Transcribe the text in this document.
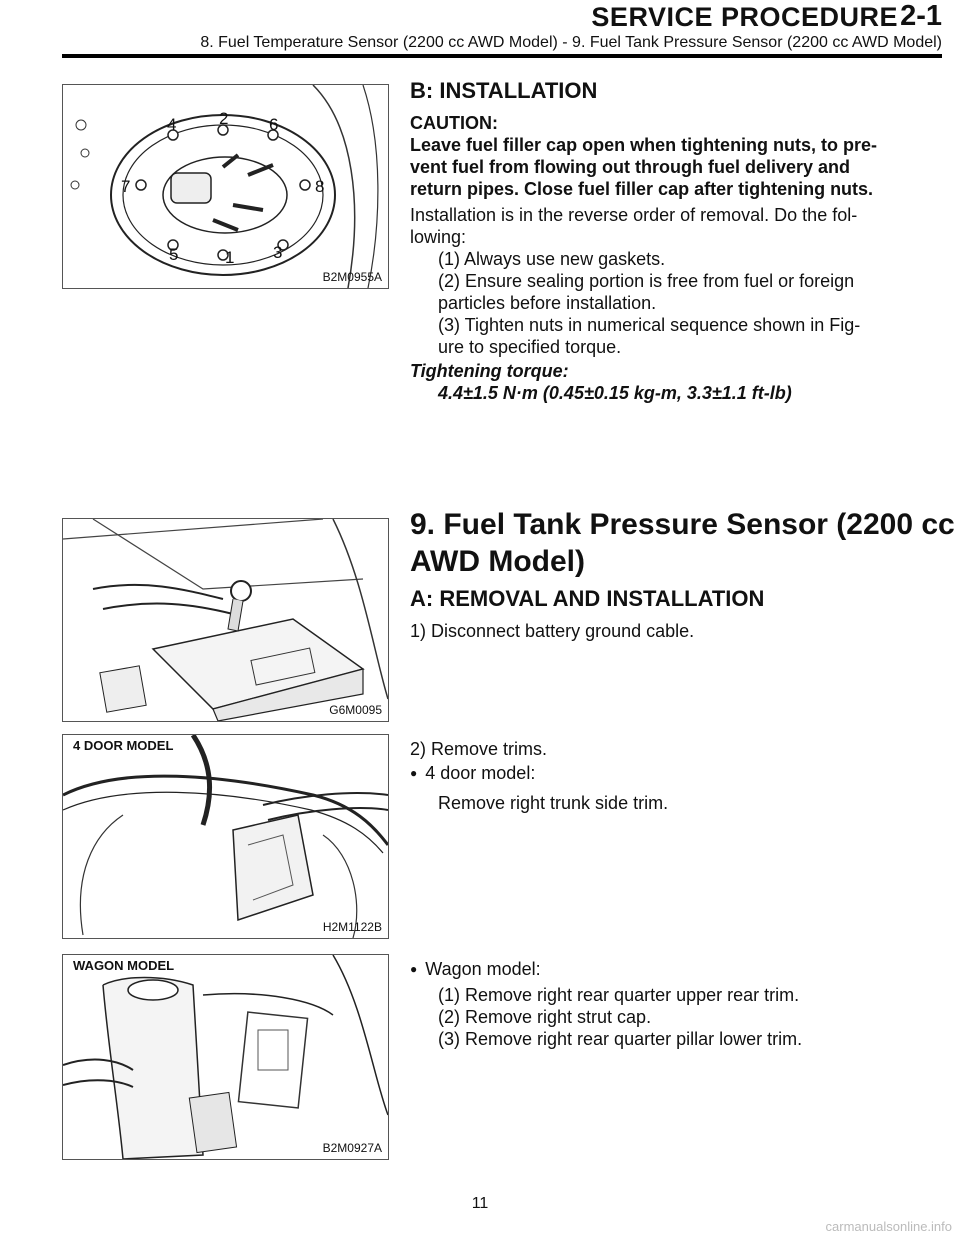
SERVICE PROCEDURE 2-1
8. Fuel Temperature Sensor (2200 cc AWD Model) - 9. Fuel Tank Pressure Sensor (2200 cc AWD Model)
4	2 6
7	8
5	1 3
B2M0955A
B: INSTALLATION
CAUTION:
Leave fuel filler cap open when tightening nuts, to pre-
vent fuel from flowing out through fuel delivery and
return pipes. Close fuel filler cap after tightening nuts.
Installation is in the reverse order of removal. Do the fol-
lowing:
(1) Always use new gaskets.
(2) Ensure sealing portion is free from fuel or foreign
particles before installation.
(3) Tighten nuts in numerical sequence shown in Fig-
ure to specified torque.
Tightening torque:
4.4±1.5 N·m (0.45±0.15 kg-m, 3.3±1.1 ft-lb)
G6M0095
9. Fuel Tank Pressure Sensor (2200 cc
AWD Model)
A: REMOVAL AND INSTALLATION
1) Disconnect battery ground cable.
4 DOOR MODEL
H2M1122B
2) Remove trims.
● 4 door model:
Remove right trunk side trim.
WAGON MODEL
B2M0927A
● Wagon model:
(1) Remove right rear quarter upper rear trim.
(2) Remove right strut cap.
(3) Remove right rear quarter pillar lower trim.
11
carmanualsonline.info
